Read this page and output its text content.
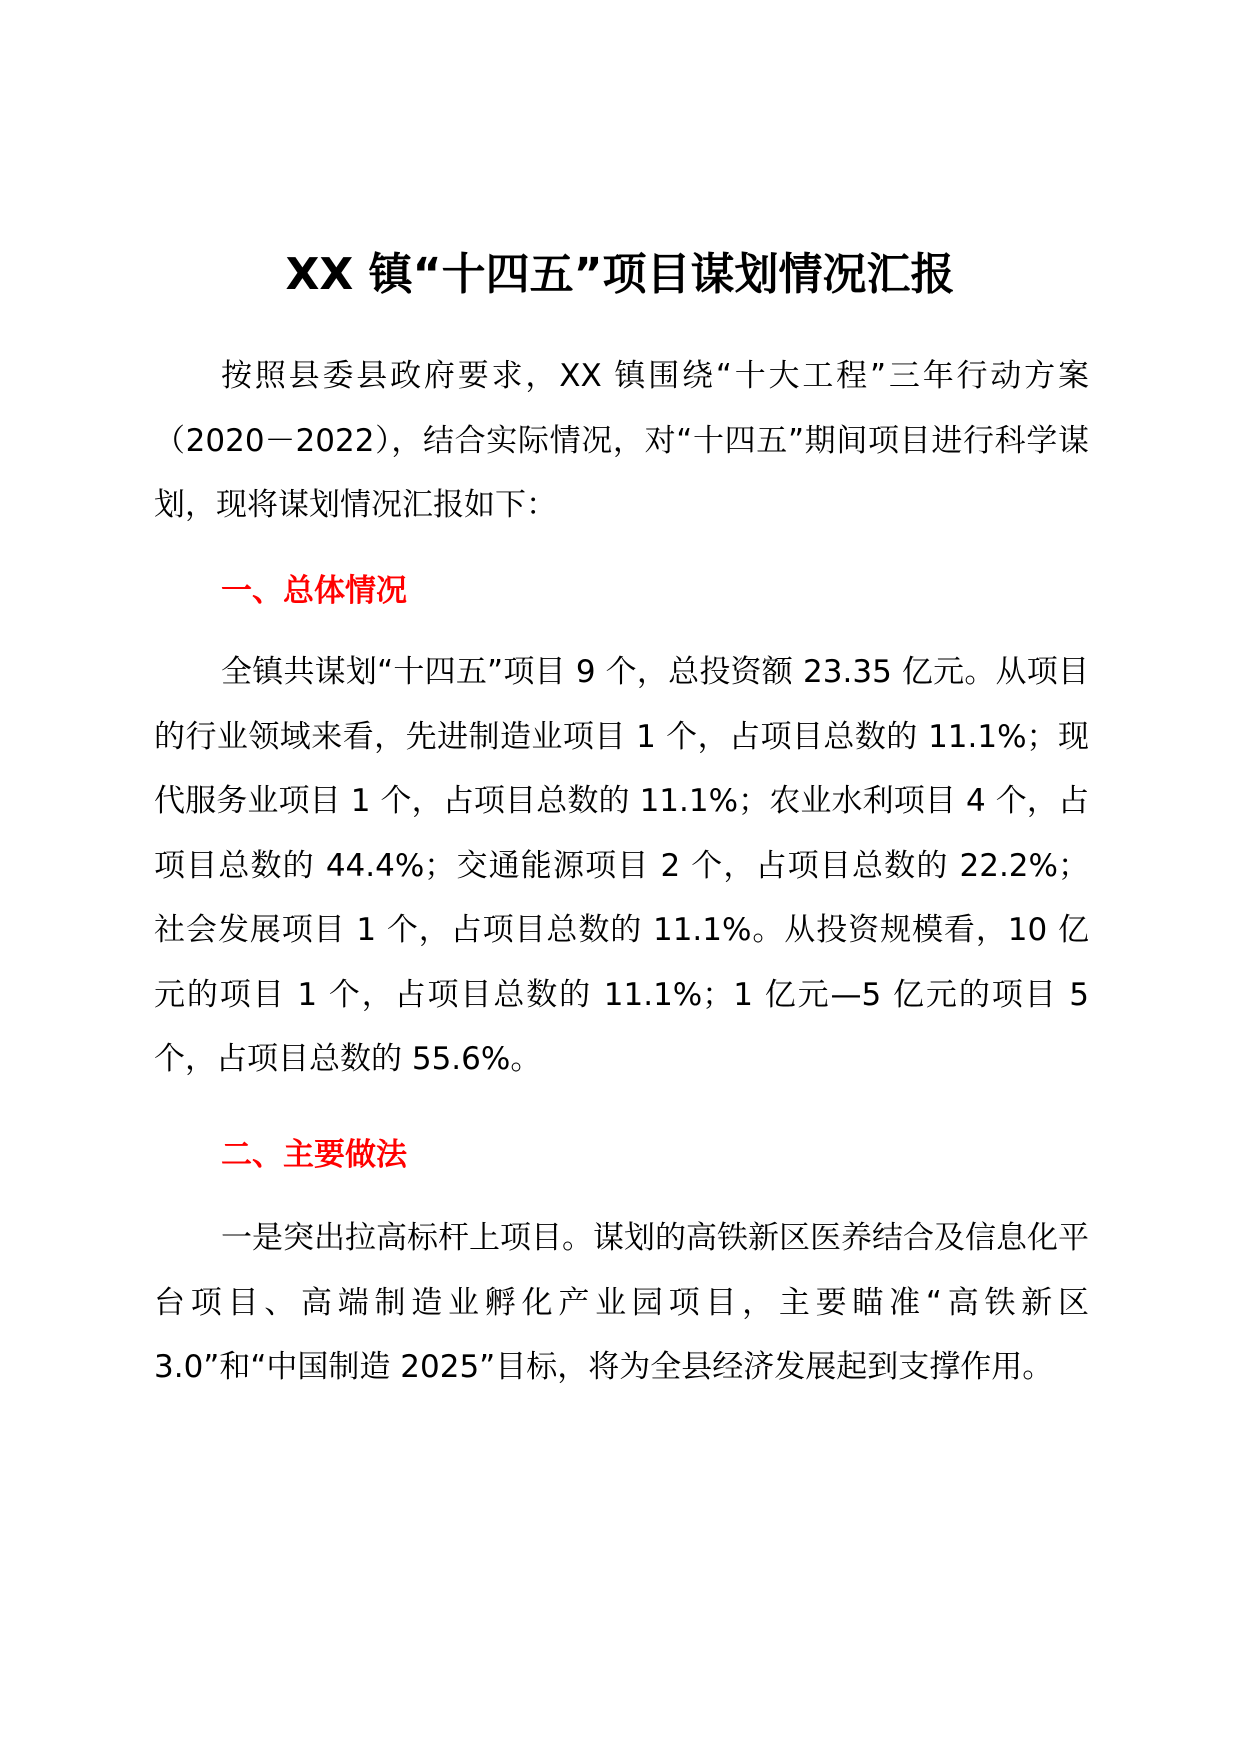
XX 镇“十四五”项目谋划情况汇报

按照县委县政府要求，XX 镇围绕“十大工程”三年行动方案（2020－2022），结合实际情况，对“十四五”期间项目进行科学谋划，现将谋划情况汇报如下：

一、总体情况

全镇共谋划“十四五”项目 9 个，总投资额 23.35 亿元。从项目的行业领域来看，先进制造业项目 1 个，占项目总数的 11.1%；现代服务业项目 1 个，占项目总数的 11.1%；农业水利项目 4 个，占项目总数的 44.4%；交通能源项目 2 个，占项目总数的 22.2%；社会发展项目 1 个，占项目总数的 11.1%。从投资规模看，10 亿元的项目 1 个，占项目总数的 11.1%；1 亿元—5 亿元的项目 5 个，占项目总数的 55.6%。

二、主要做法

一是突出拉高标杆上项目。谋划的高铁新区医养结合及信息化平台项目、高端制造业孵化产业园项目，主要瞄准“高铁新区 3.0”和“中国制造 2025”目标，将为全县经济发展起到支撑作用。
